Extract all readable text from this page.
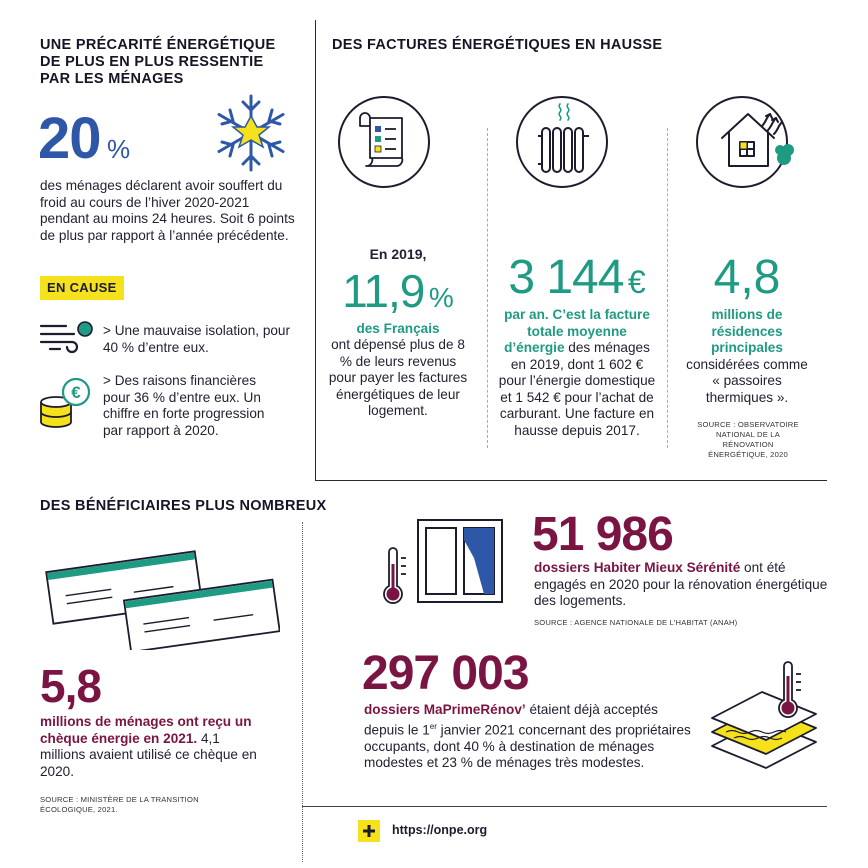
UNE PRÉCARITÉ ÉNERGÉTIQUE
DE PLUS EN PLUS RESSENTIE
PAR LES MÉNAGES
20 %
des ménages déclarent avoir souffert du froid au cours de l’hiver 2020-2021 pendant au moins 24 heures. Soit 6 points de plus par rapport à l’année précédente.
EN CAUSE
> Une mauvaise isolation, pour 40 % d’entre eux.
€
> Des raisons financières pour 36 % d’entre eux. Un chiffre en forte progression par rapport à 2020.
DES FACTURES ÉNERGÉTIQUES EN HAUSSE
En 2019,
11,9 %
des Français
ont dépensé plus de 8 % de leurs revenus pour payer les factures énergétiques de leur logement.
3 144 €
par an. C’est la facture totale moyenne d’énergie des ménages en 2019, dont 1 602 € pour l’énergie domestique et 1 542 € pour l’achat de carburant. Une facture en hausse depuis 2017.
4,8
millions de résidences principales
considérées comme « passoires thermiques ».
SOURCE : OBSERVATOIRE NATIONAL DE LA RÉNOVATION ÉNERGÉTIQUE, 2020
DES BÉNÉFICIAIRES PLUS NOMBREUX
5,8
millions de ménages ont reçu un chèque énergie en 2021. 4,1 millions avaient utilisé ce chèque en 2020.
SOURCE : MINISTÈRE DE LA TRANSITION ÉCOLOGIQUE, 2021.
51 986
dossiers Habiter Mieux Sérénité ont été engagés en 2020 pour la rénovation énergétique des logements.
SOURCE : AGENCE NATIONALE DE L’HABITAT (ANAH)
297 003
dossiers MaPrimeRénov’ étaient déjà acceptés depuis le 1er janvier 2021 concernant des propriétaires occupants, dont 40 % à destination de ménages modestes et 23 % de ménages très modestes.
https://onpe.org
